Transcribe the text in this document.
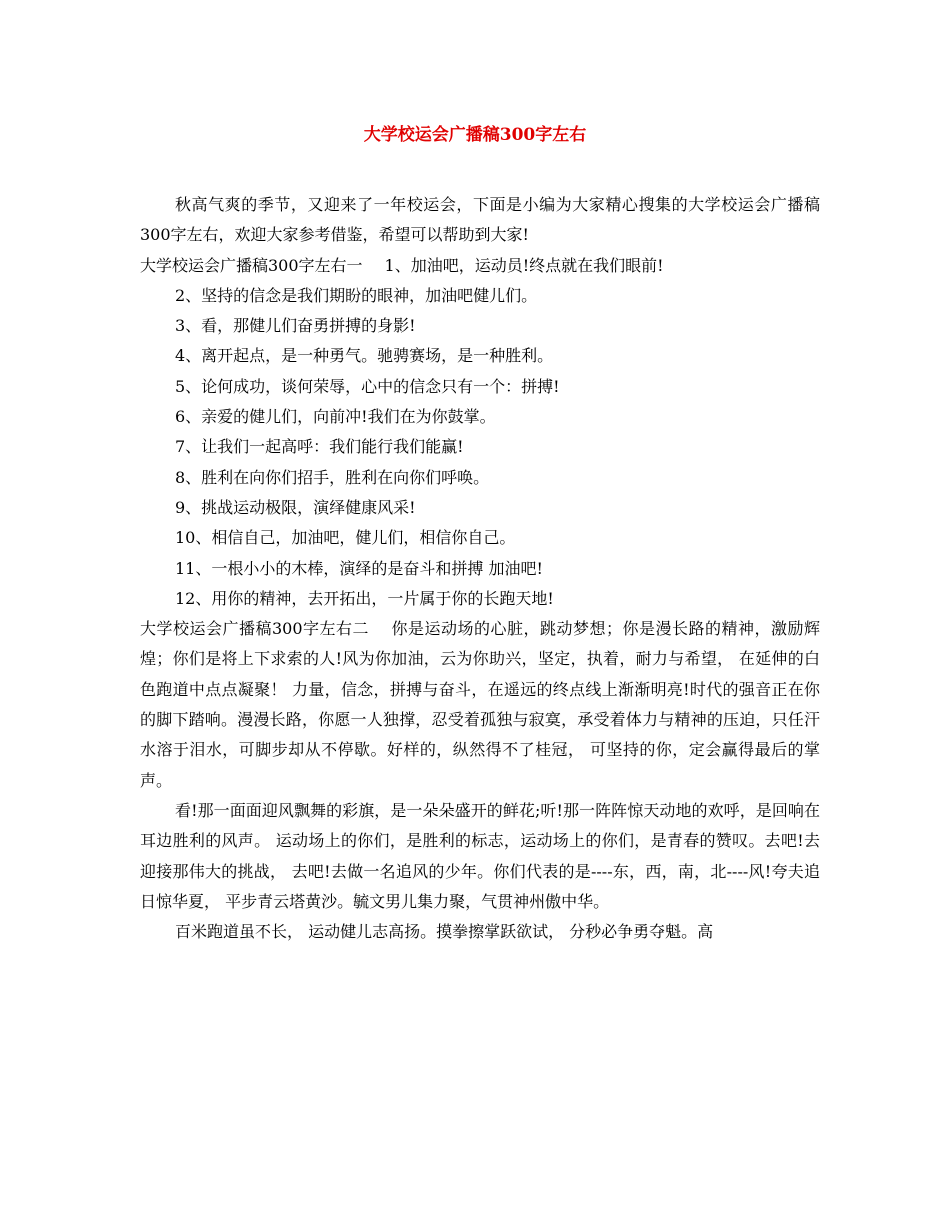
大学校运会广播稿300字左右

秋高气爽的季节，又迎来了一年校运会，下面是小编为大家精心搜集的大学校运会广播稿300字左右，欢迎大家参考借鉴，希望可以帮助到大家!

大学校运会广播稿300字左右一 1、加油吧，运动员!终点就在我们眼前!

2、坚持的信念是我们期盼的眼神，加油吧健儿们。

3、看，那健儿们奋勇拼搏的身影!

4、离开起点，是一种勇气。驰骋赛场，是一种胜利。

5、论何成功，谈何荣辱，心中的信念只有一个：拼搏!

6、亲爱的健儿们，向前冲!我们在为你鼓掌。

7、让我们一起高呼：我们能行我们能赢!

8、胜利在向你们招手，胜利在向你们呼唤。

9、挑战运动极限，演绎健康风采!

10、相信自己，加油吧，健儿们，相信你自己。

11、一根小小的木棒，演绎的是奋斗和拼搏 加油吧!

12、用你的精神，去开拓出，一片属于你的长跑天地!

大学校运会广播稿300字左右二 你是运动场的心脏，跳动梦想；你是漫长路的精神，激励辉煌；你们是将上下求索的人!风为你加油，云为你助兴，坚定，执着，耐力与希望， 在延伸的白色跑道中点点凝聚！ 力量，信念，拼搏与奋斗，在遥远的终点线上渐渐明亮!时代的强音正在你的脚下踏响。漫漫长路，你愿一人独撑，忍受着孤独与寂寞，承受着体力与精神的压迫，只任汗水溶于泪水，可脚步却从不停歇。好样的，纵然得不了桂冠， 可坚持的你，定会赢得最后的掌声。

看!那一面面迎风飘舞的彩旗，是一朵朵盛开的鲜花;听!那一阵阵惊天动地的欢呼，是回响在耳边胜利的风声。 运动场上的你们，是胜利的标志，运动场上的你们，是青春的赞叹。去吧!去迎接那伟大的挑战， 去吧!去做一名追风的少年。你们代表的是----东，西，南，北----风!夸夫追日惊华夏， 平步青云塔黄沙。毓文男儿集力聚，气贯神州傲中华。

百米跑道虽不长， 运动健儿志高扬。摸拳擦掌跃欲试， 分秒必争勇夺魁。高
